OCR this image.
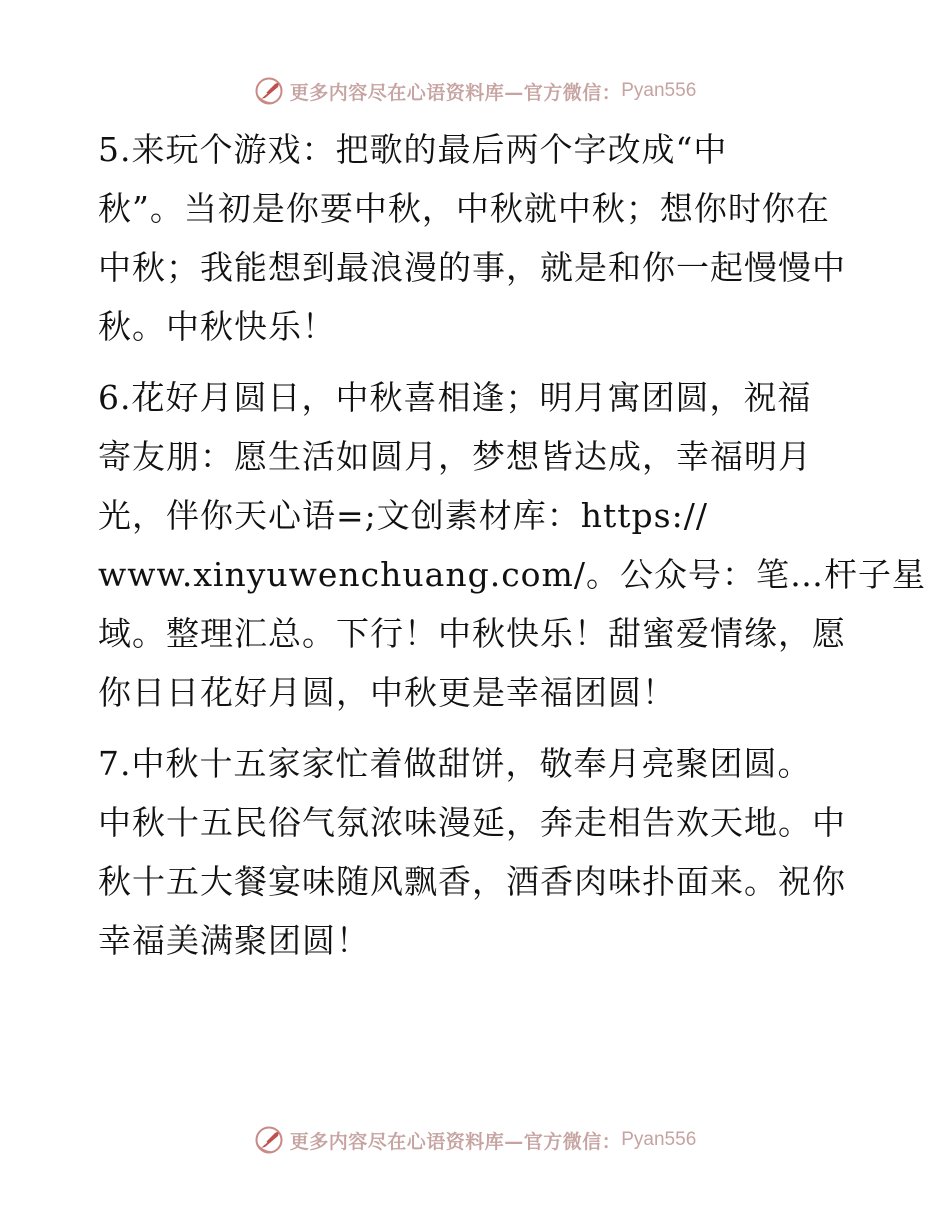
更多内容尽在心语资料库—官方微信： Pyan556
5.来玩个游戏：把歌的最后两个字改成“中
秋”。当初是你要中秋，中秋就中秋；想你时你在
中秋；我能想到最浪漫的事，就是和你一起慢慢中
秋。中秋快乐！
6.花好月圆日，中秋喜相逢；明月寓团圆，祝福
寄友朋：愿生活如圆月，梦想皆达成，幸福明月
光，伴你天心语=;文创素材库：https://
www.xinyuwenchuang.com/。公众号：笔…杆子星
域。整理汇总。下行！中秋快乐！甜蜜爱情缘，愿
你日日花好月圆，中秋更是幸福团圆！
7.中秋十五家家忙着做甜饼，敬奉月亮聚团圆。
中秋十五民俗气氛浓味漫延，奔走相告欢天地。中
秋十五大餐宴味随风飘香，酒香肉味扑面来。祝你
幸福美满聚团圆！
更多内容尽在心语资料库—官方微信： Pyan556
